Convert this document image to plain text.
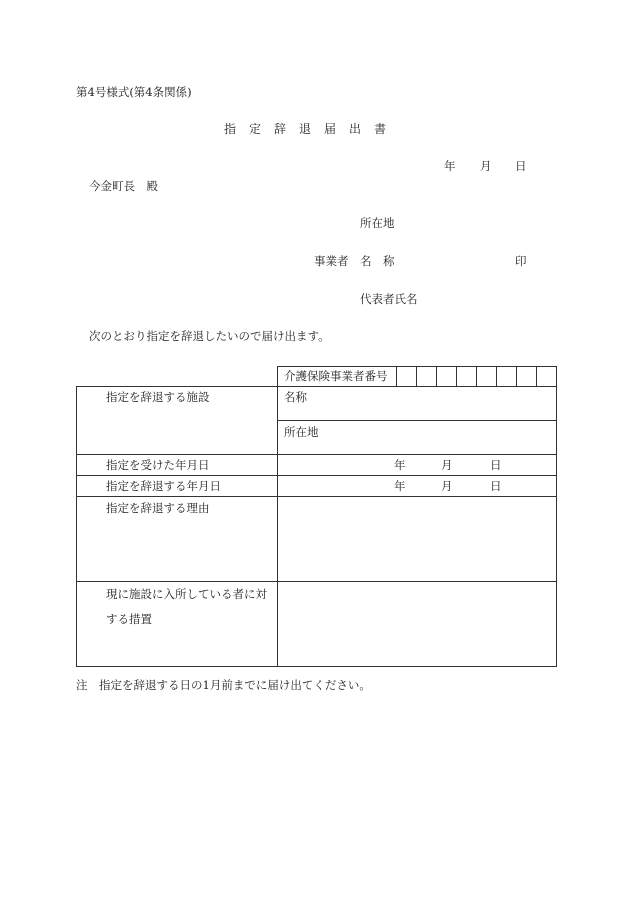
第4号様式(第4条関係)
指定辞退届出書
年 月 日
今金町長　殿
所在地
事業者 名　称	印
代表者氏名
次のとおり指定を辞退したいので届け出ます。
介護保険事業者番号
指定を辞退する施設	名称
所在地
指定を受けた年月日	年	月	日
指定を辞退する年月日	年	月	日
指定を辞退する理由
現に施設に入所している者に対
する措置
注　指定を辞退する日の1月前までに届け出てください。
